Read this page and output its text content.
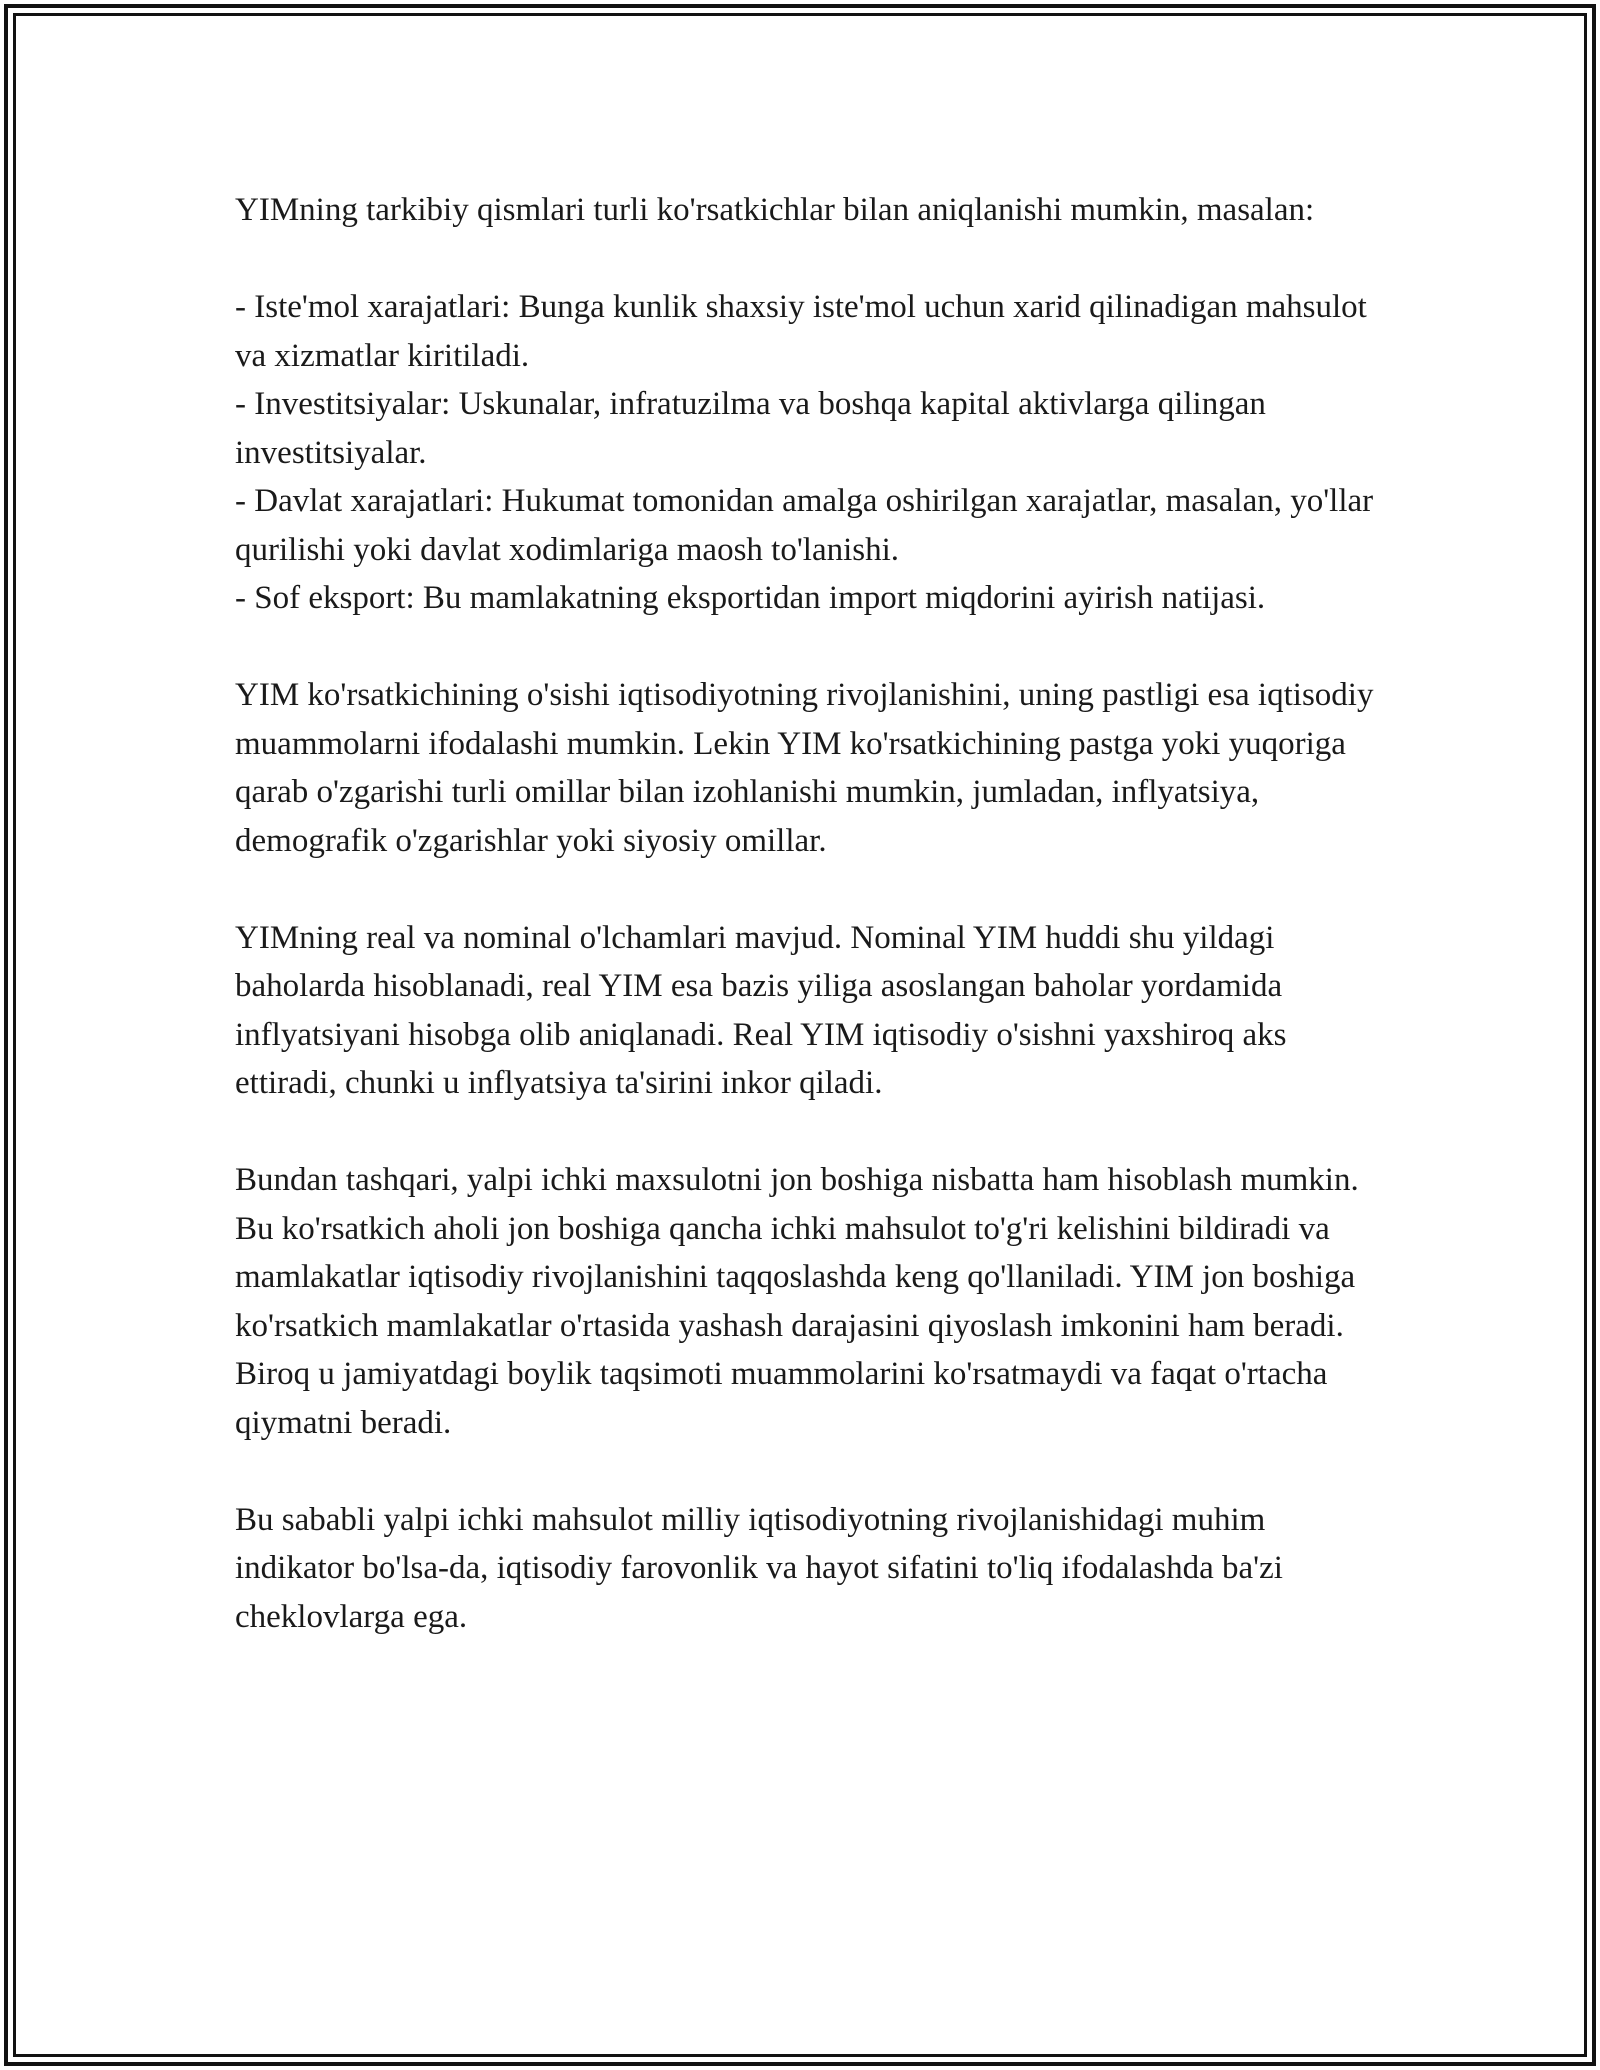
YIMning tarkibiy qismlari turli ko'rsatkichlar bilan aniqlanishi mumkin, masalan:

- Iste'mol xarajatlari: Bunga kunlik shaxsiy iste'mol uchun xarid qilinadigan mahsulot va xizmatlar kiritiladi.

- Investitsiyalar: Uskunalar, infratuzilma va boshqa kapital aktivlarga qilingan investitsiyalar.

- Davlat xarajatlari: Hukumat tomonidan amalga oshirilgan xarajatlar, masalan, yo'llar qurilishi yoki davlat xodimlariga maosh to'lanishi.

- Sof eksport: Bu mamlakatning eksportidan import miqdorini ayirish natijasi.

YIM ko'rsatkichining o'sishi iqtisodiyotning rivojlanishini, uning pastligi esa iqtisodiy muammolarni ifodalashi mumkin. Lekin YIM ko'rsatkichining pastga yoki yuqoriga qarab o'zgarishi turli omillar bilan izohlanishi mumkin, jumladan, inflyatsiya, demografik o'zgarishlar yoki siyosiy omillar.

YIMning real va nominal o'lchamlari mavjud. Nominal YIM huddi shu yildagi baholarda hisoblanadi, real YIM esa bazis yiliga asoslangan baholar yordamida inflyatsiyani hisobga olib aniqlanadi. Real YIM iqtisodiy o'sishni yaxshiroq aks ettiradi, chunki u inflyatsiya ta'sirini inkor qiladi.

Bundan tashqari, yalpi ichki maxsulotni jon boshiga nisbatta ham hisoblash mumkin. Bu ko'rsatkich aholi jon boshiga qancha ichki mahsulot to'g'ri kelishini bildiradi va mamlakatlar iqtisodiy rivojlanishini taqqoslashda keng qo'llaniladi. YIM jon boshiga ko'rsatkich mamlakatlar o'rtasida yashash darajasini qiyoslash imkonini ham beradi. Biroq u jamiyatdagi boylik taqsimoti muammolarini ko'rsatmaydi va faqat o'rtacha qiymatni beradi.

Bu sababli yalpi ichki mahsulot milliy iqtisodiyotning rivojlanishidagi muhim indikator bo'lsa-da, iqtisodiy farovonlik va hayot sifatini to'liq ifodalashda ba'zi cheklovlarga ega.
